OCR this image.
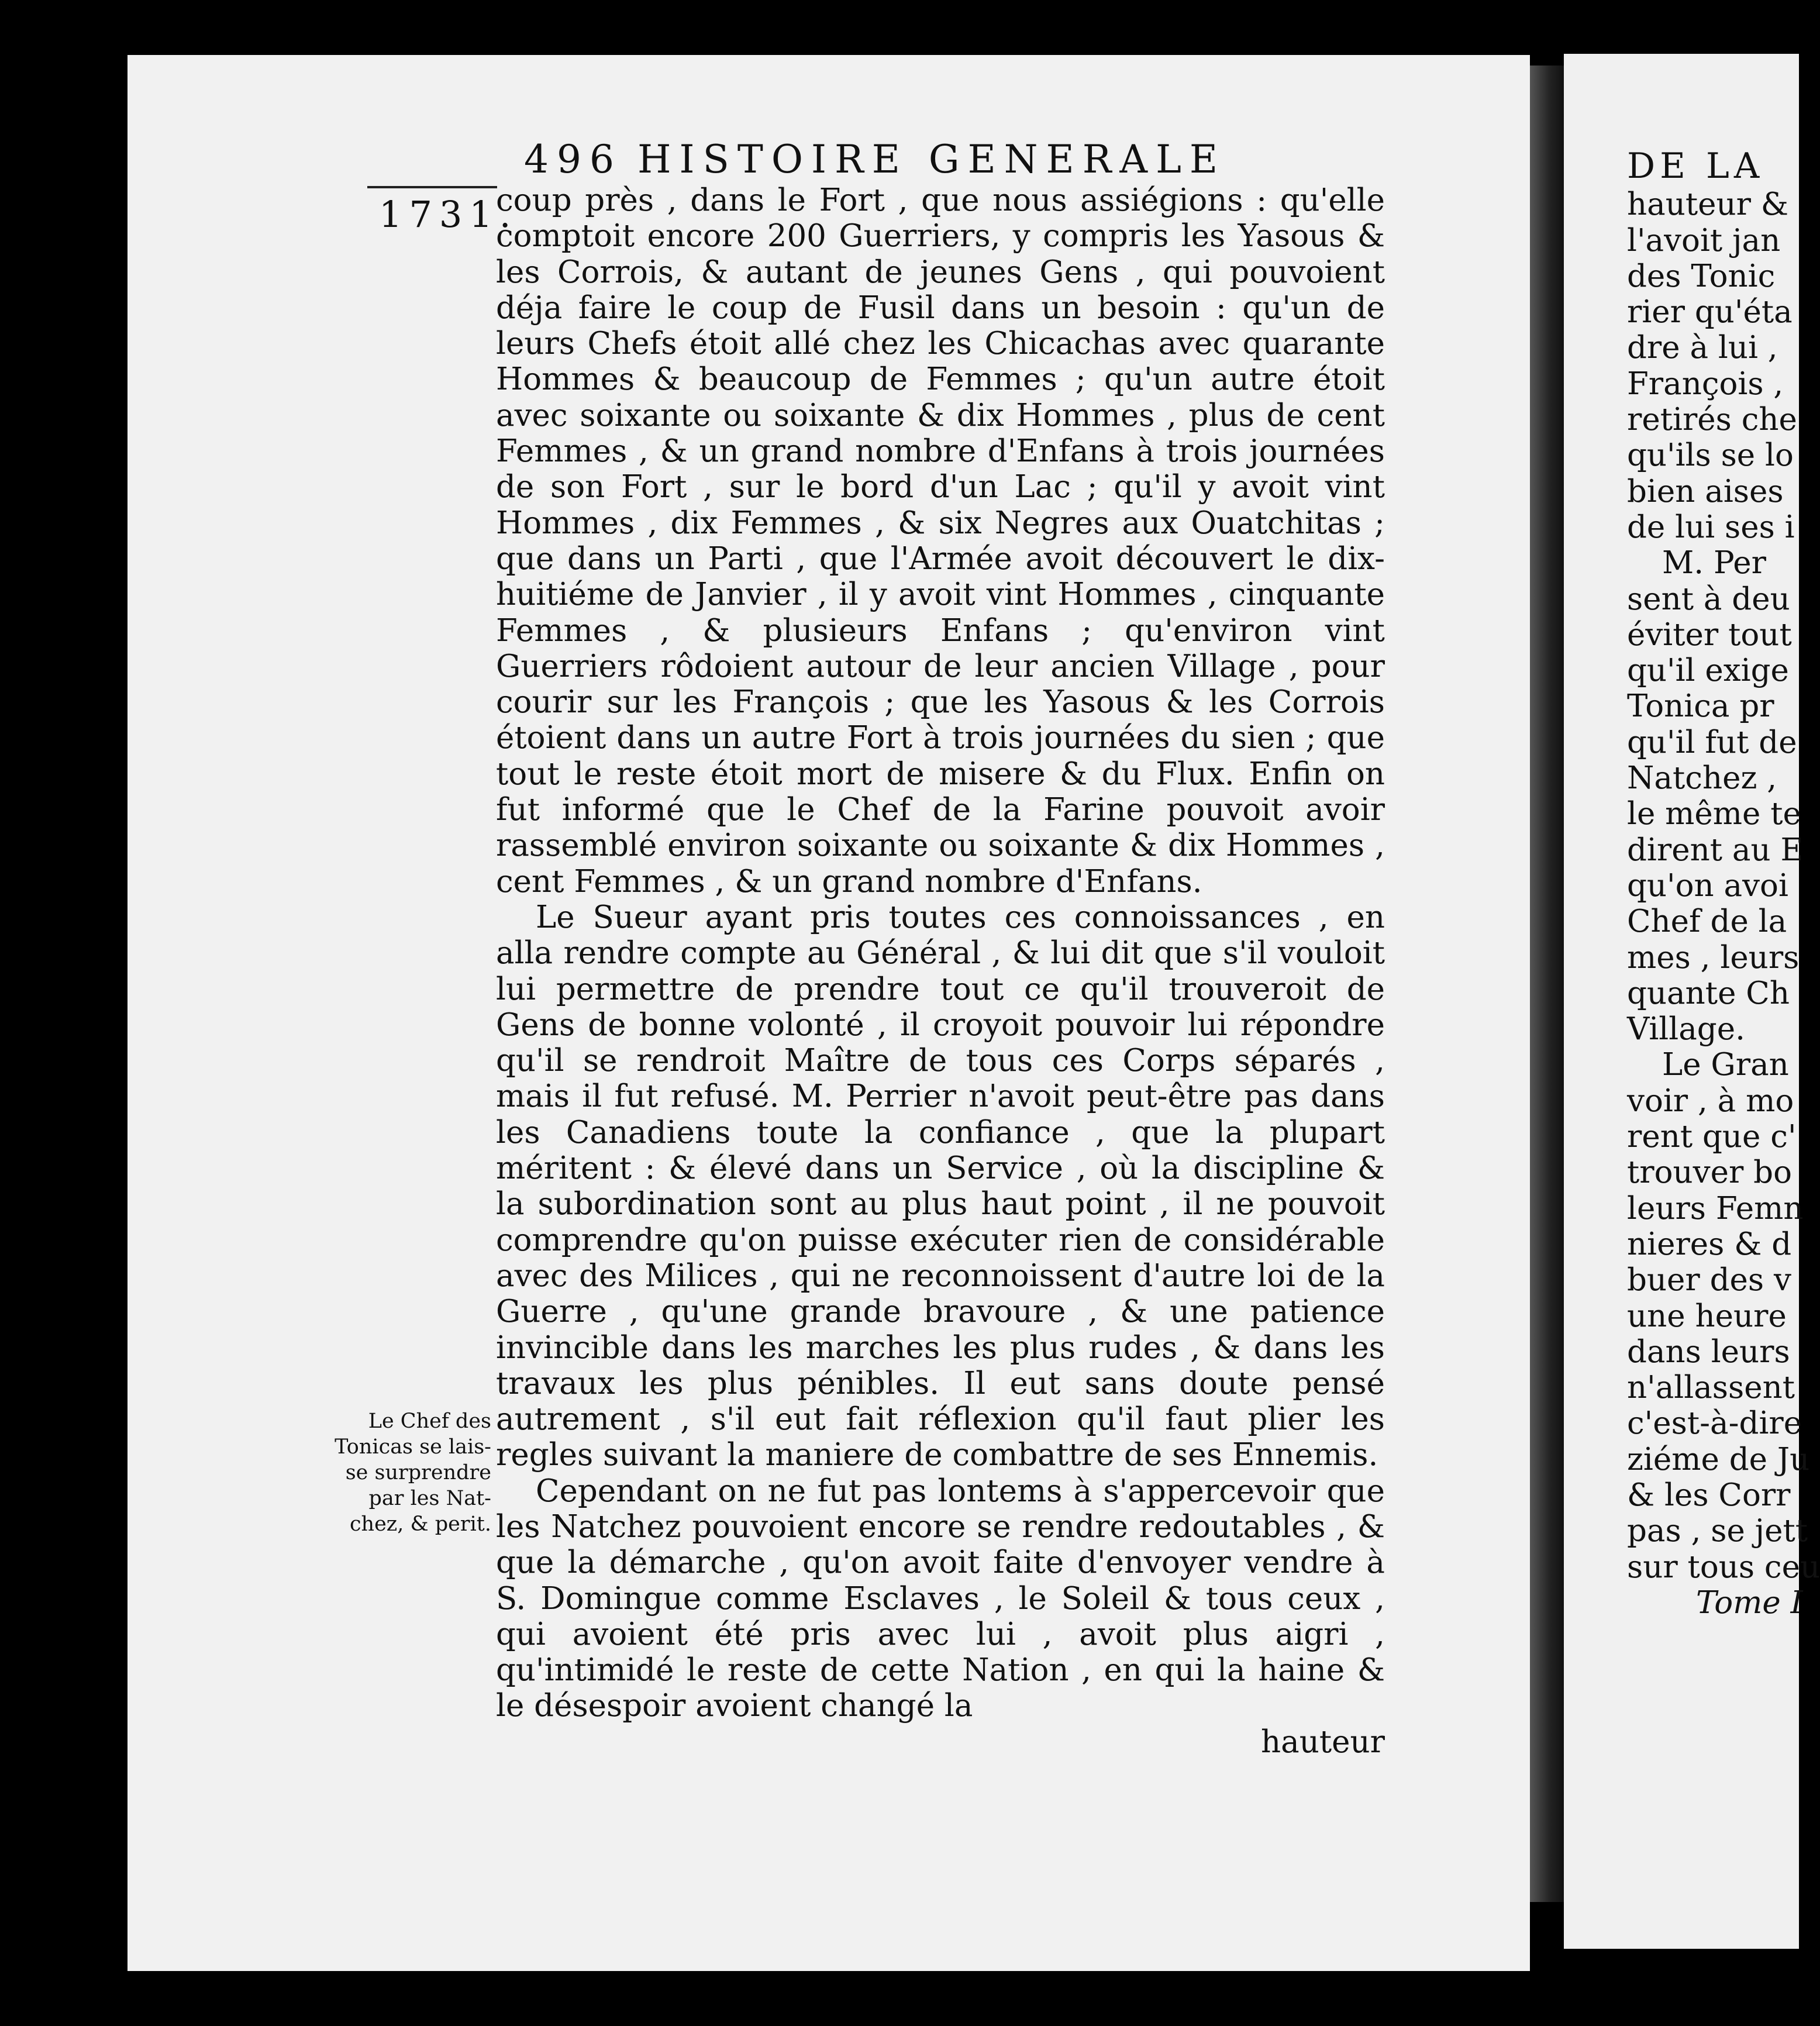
DE LA
hauteur &
l'avoit jan
des Tonic
rier qu'éta
dre à lui ,
François ,
retirés che
qu'ils se lo
bien aises
de lui ses i
M. Per
sent à deu
éviter tout
qu'il exige
Tonica pr
qu'il fut de
Natchez ,
le même te
dirent au E
qu'on avoi
Chef de la
mes , leurs
quante Ch
Village.
Le Gran
voir , à mo
rent que c'
trouver bo
leurs Femn
nieres & d
buer des v
une heure
dans leurs
n'allassent
c'est-à-dire
ziéme de Ju
& les Corr
pas , se jett
sur tous ceu
Tome I
496 HISTOIRE GENERALE
1731.

coup près , dans le Fort , que nous assiégions : qu'elle comptoit encore 200 Guerriers, y compris les Yasous & les Corrois, & autant de jeunes Gens , qui pouvoient déja faire le coup de Fusil dans un besoin : qu'un de leurs Chefs étoit allé chez les Chicachas avec quarante Hommes & beaucoup de Femmes ; qu'un autre étoit avec soixante ou soixante & dix Hommes , plus de cent Femmes , & un grand nombre d'Enfans à trois journées de son Fort , sur le bord d'un Lac ; qu'il y avoit vint Hommes , dix Femmes , & six Negres aux Ouatchitas ; que dans un Parti , que l'Armée avoit découvert le dix-huitiéme de Janvier , il y avoit vint Hommes , cinquante Femmes , & plusieurs Enfans ; qu'environ vint Guerriers rôdoient autour de leur ancien Village , pour courir sur les François ; que les Yasous & les Corrois étoient dans un autre Fort à trois journées du sien ; que tout le reste étoit mort de misere & du Flux. Enfin on fut informé que le Chef de la Farine pouvoit avoir rassemblé environ soixante ou soixante & dix Hommes , cent Femmes , & un grand nombre d'Enfans.

Le Sueur ayant pris toutes ces connoissances , en alla rendre compte au Général , & lui dit que s'il vouloit lui permettre de prendre tout ce qu'il trouveroit de Gens de bonne volonté , il croyoit pouvoir lui répondre qu'il se rendroit Maître de tous ces Corps séparés , mais il fut refusé. M. Perrier n'avoit peut-être pas dans les Canadiens toute la confiance , que la plupart méritent : & élevé dans un Service , où la discipline & la subordination sont au plus haut point , il ne pouvoit comprendre qu'on puisse exécuter rien de considérable avec des Milices , qui ne reconnoissent d'autre loi de la Guerre , qu'une grande bravoure , & une patience invincible dans les marches les plus rudes , & dans les travaux les plus pénibles. Il eut sans doute pensé autrement , s'il eut fait réflexion qu'il faut plier les regles suivant la maniere de combattre de ses Ennemis.

Cependant on ne fut pas lontems à s'appercevoir que les Natchez pouvoient encore se rendre redoutables , & que la démarche , qu'on avoit faite d'envoyer vendre à S. Domingue comme Esclaves , le Soleil & tous ceux , qui avoient été pris avec lui , avoit plus aigri , qu'intimidé le reste de cette Nation , en qui la haine & le désespoir avoient changé la

hauteur

Le Chef des
Tonicas se lais-
se surprendre
par les Nat-
chez, & perit.
